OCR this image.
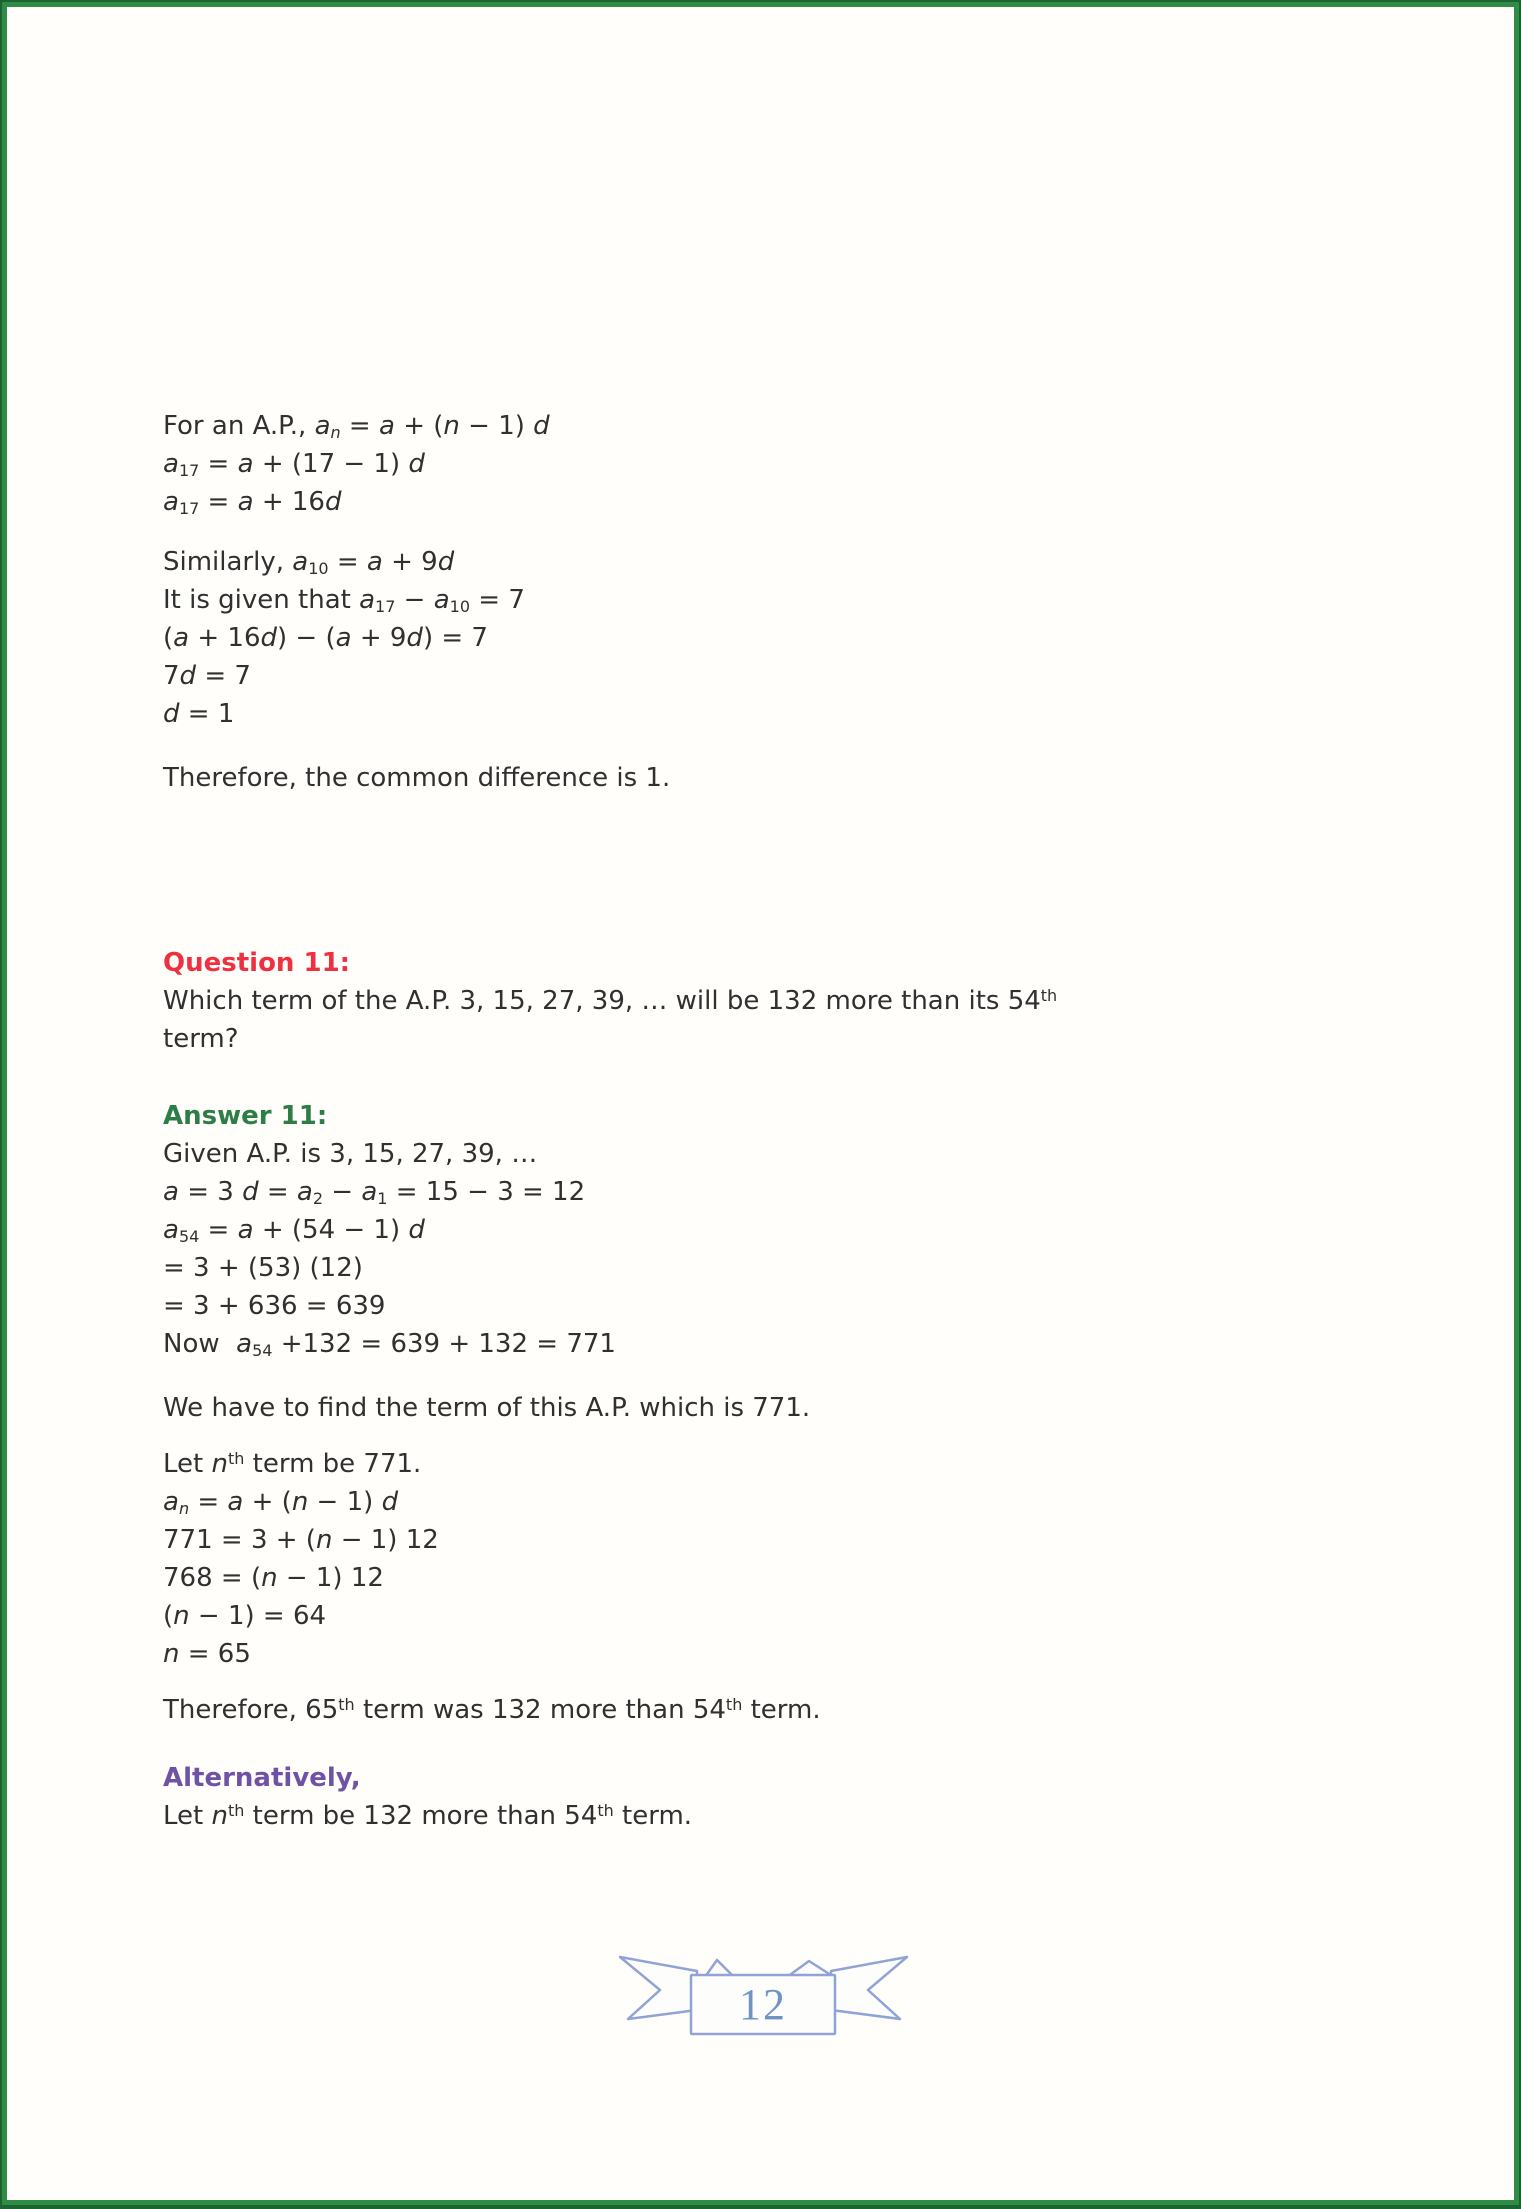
For an A.P., $a_n = a + (n - 1)$ d
$a_{17} = a + (17 - 1)$ d
$a_{17} = a + 16d$
Similarly, $a_{10} = a + 9d$
It is given that $a_{17} - a_{10} = 7$
(a + 16d) − (a + 9d) = 7
7d = 7
d = 1
Therefore, the common difference is 1.
Question 11:
Which term of the A.P. 3, 15, 27, 39, … will be 132 more than its 54th
term?
Answer 11:
Given A.P. is 3, 15, 27, 39, …
a = 3 $d = a_2 - a_1 = 15 - 3 = 12$
$a_{54} = a + (54 - 1)$ d
= 3 + (53) (12)
= 3 + 636 = 639
Now  $a_{54} +132 = 639 + 132 = 771$
We have to find the term of this A.P. which is 771.
Let $n^{th}$ term be 771.
$a_n = a + (n - 1)$ d
771 = 3 + (n − 1) 12
768 = (n − 1) 12
(n − 1) = 64
n = 65
Therefore, 65th term was 132 more than 54th term.
Alternatively,
Let $n^{th}$ term be 132 more than 54th term.
12
